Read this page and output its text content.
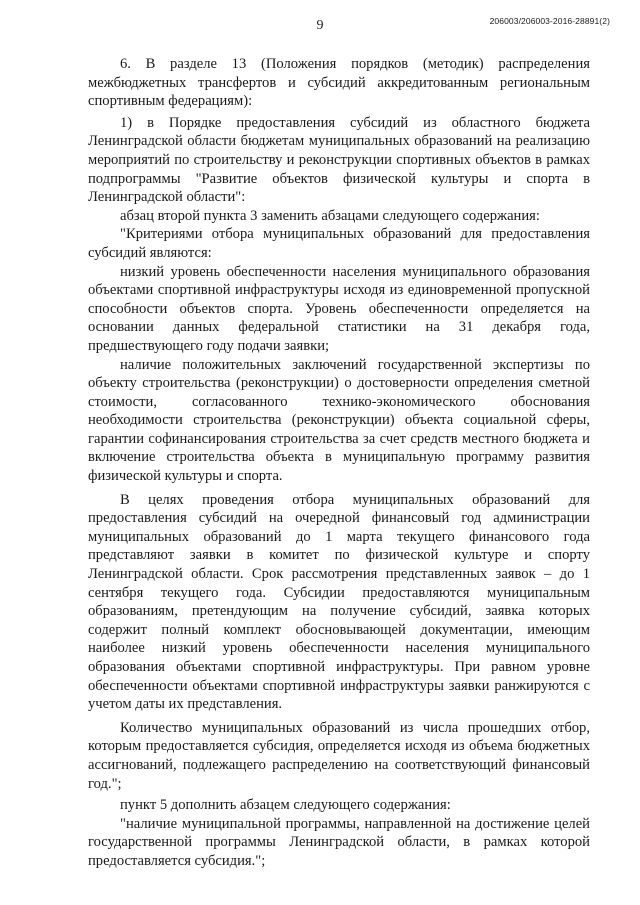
9	206003/206003-2016-28891(2)

6. В разделе 13 (Положения порядков (методик) распределения межбюджетных трансфертов и субсидий аккредитованным региональным спортивным федерациям):

1) в Порядке предоставления субсидий из областного бюджета Ленинградской области бюджетам муниципальных образований на реализацию мероприятий по строительству и реконструкции спортивных объектов в рамках подпрограммы "Развитие объектов физической культуры и спорта в Ленинградской области":

абзац второй пункта 3 заменить абзацами следующего содержания:

"Критериями отбора муниципальных образований для предоставления субсидий являются:

низкий уровень обеспеченности населения муниципального образования объектами спортивной инфраструктуры исходя из единовременной пропускной способности объектов спорта. Уровень обеспеченности определяется на основании данных федеральной статистики на 31 декабря года, предшествующего году подачи заявки;

наличие положительных заключений государственной экспертизы по объекту строительства (реконструкции) о достоверности определения сметной стоимости, согласованного технико-экономического обоснования необходимости строительства (реконструкции) объекта социальной сферы, гарантии софинансирования строительства за счет средств местного бюджета и включение строительства объекта в муниципальную программу развития физической культуры и спорта.

В целях проведения отбора муниципальных образований для предоставления субсидий на очередной финансовый год администрации муниципальных образований до 1 марта текущего финансового года представляют заявки в комитет по физической культуре и спорту Ленинградской области. Срок рассмотрения представленных заявок – до 1 сентября текущего года. Субсидии предоставляются муниципальным образованиям, претендующим на получение субсидий, заявка которых содержит полный комплект обосновывающей документации, имеющим наиболее низкий уровень обеспеченности населения муниципального образования объектами спортивной инфраструктуры. При равном уровне обеспеченности объектами спортивной инфраструктуры заявки ранжируются с учетом даты их представления.

Количество муниципальных образований из числа прошедших отбор, которым предоставляется субсидия, определяется исходя из объема бюджетных ассигнований, подлежащего распределению на соответствующий финансовый год.";

пункт 5 дополнить абзацем следующего содержания:

"наличие муниципальной программы, направленной на достижение целей государственной программы Ленинградской области, в рамках которой предоставляется субсидия.";
